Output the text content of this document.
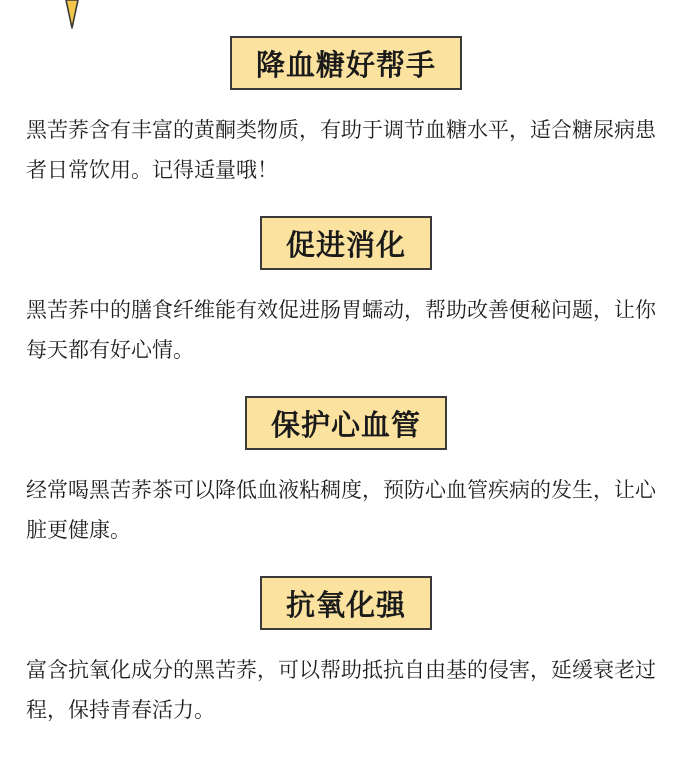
降血糖好帮手
黑苦荞含有丰富的黄酮类物质，有助于调节血糖水平，适合糖尿病患者日常饮用。记得适量哦！
促进消化
黑苦荞中的膳食纤维能有效促进肠胃蠕动，帮助改善便秘问题，让你每天都有好心情。
保护心血管
经常喝黑苦荞茶可以降低血液粘稠度，预防心血管疾病的发生，让心脏更健康。
抗氧化强
富含抗氧化成分的黑苦荞，可以帮助抵抗自由基的侵害，延缓衰老过程，保持青春活力。
